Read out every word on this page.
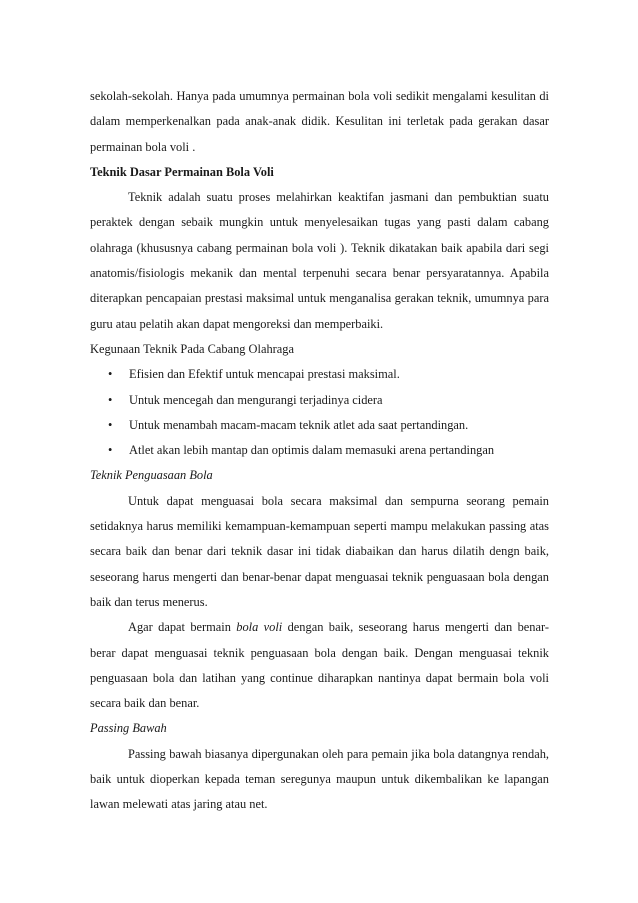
sekolah-sekolah. Hanya pada umumnya permainan bola voli sedikit mengalami kesulitan di dalam memperkenalkan pada anak-anak didik. Kesulitan ini terletak pada gerakan dasar permainan bola voli .

Teknik Dasar Permainan Bola Voli

Teknik adalah suatu proses melahirkan keaktifan jasmani dan pembuktian suatu peraktek dengan sebaik mungkin untuk menyelesaikan tugas yang pasti dalam cabang olahraga (khususnya cabang permainan bola voli ). Teknik dikatakan baik apabila dari segi anatomis/fisiologis mekanik dan mental terpenuhi secara benar persyaratannya. Apabila diterapkan pencapaian prestasi maksimal untuk menganalisa gerakan teknik, umumnya para guru atau pelatih akan dapat mengoreksi dan memperbaiki.

Kegunaan Teknik Pada Cabang Olahraga

• Efisien dan Efektif untuk mencapai prestasi maksimal.
• Untuk mencegah dan mengurangi terjadinya cidera
• Untuk menambah macam-macam teknik atlet ada saat pertandingan.
• Atlet akan lebih mantap dan optimis dalam memasuki arena pertandingan

Teknik Penguasaan Bola

Untuk dapat menguasai bola secara maksimal dan sempurna seorang pemain setidaknya harus memiliki kemampuan-kemampuan seperti mampu melakukan passing atas secara baik dan benar dari teknik dasar ini tidak diabaikan dan harus dilatih dengn baik, seseorang harus mengerti dan benar-benar dapat menguasai teknik penguasaan bola dengan baik dan terus menerus.

Agar dapat bermain bola voli dengan baik, seseorang harus mengerti dan benar-berar dapat menguasai teknik penguasaan bola dengan baik. Dengan menguasai teknik penguasaan bola dan latihan yang continue diharapkan nantinya dapat bermain bola voli secara baik dan benar.

Passing Bawah

Passing bawah biasanya dipergunakan oleh para pemain jika bola datangnya rendah, baik untuk dioperkan kepada teman seregunya maupun untuk dikembalikan ke lapangan lawan melewati atas jaring atau net.
